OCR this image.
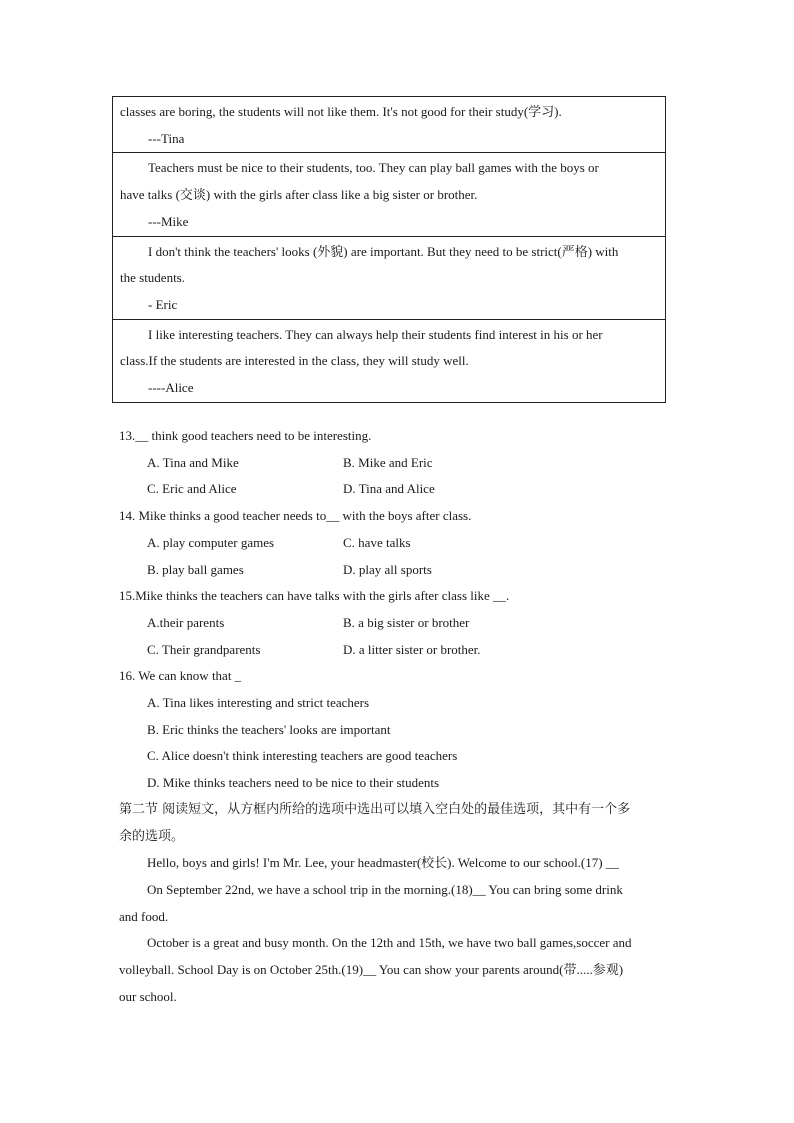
classes are boring, the students will not like them. It's not good for their study(学习).
---Tina
Teachers must be nice to their students, too. They can play ball games with the boys or
have talks (交谈) with the girls after class like a big sister or brother.
---Mike
I don't think the teachers' looks (外貌) are important. But they need to be strict(严格) with
the students.
- Eric
I like interesting teachers. They can always help their students find interest in his or her
class.If the students are interested in the class, they will study well.
----Alice
13.__ think good teachers need to be interesting.
A. Tina and Mike	B. Mike and Eric
C. Eric and Alice	D. Tina and Alice
14. Mike thinks a good teacher needs to__ with the boys after class.
A. play computer games	C. have talks
B. play ball games	D. play all sports
15.Mike thinks the teachers can have talks with the girls after class like __.
A.their parents	B. a big sister or brother
C. Their grandparents	D. a litter sister or brother.
16. We can know that _
A. Tina likes interesting and strict teachers
B. Eric thinks the teachers' looks are important
C. Alice doesn't think interesting teachers are good teachers
D. Mike thinks teachers need to be nice to their students
第二节 阅读短文，从方框内所给的选项中选出可以填入空白处的最佳选项，其中有一个多
余的选项。
Hello, boys and girls! I'm Mr. Lee, your headmaster(校长). Welcome to our school.(17) __
On September 22nd, we have a school trip in the morning.(18)__ You can bring some drink
and food.
October is a great and busy month. On the 12th and 15th, we have two ball games,soccer and
volleyball. School Day is on October 25th.(19)__ You can show your parents around(带.....参观)
our school.
